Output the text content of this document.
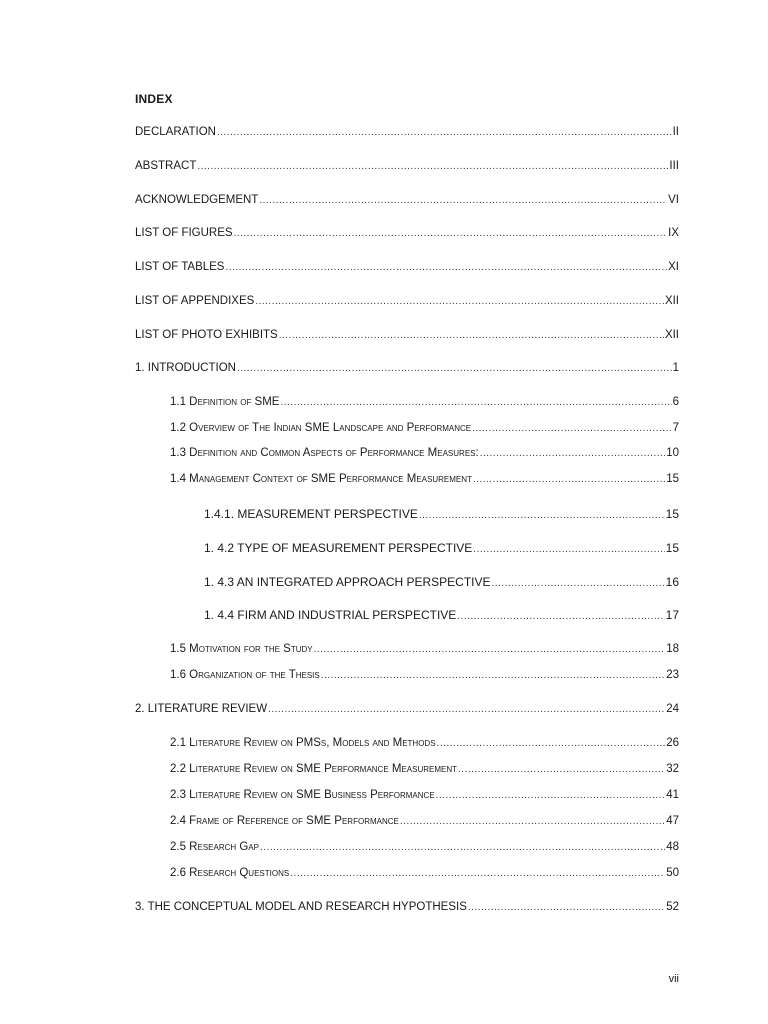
INDEX
DECLARATION .....	II
ABSTRACT .....	III
ACKNOWLEDGEMENT .....	VI
LIST OF FIGURES .....	IX
LIST OF TABLES .....	XI
LIST OF APPENDIXES .....	XII
LIST OF PHOTO EXHIBITS .....	XII
1. INTRODUCTION .....	1
1.1 Definition of SME .....	6
1.2 Overview of The Indian SME Landscape and Performance .....	7
1.3 Definition and Common Aspects of Performance Measures: .....	10
1.4 Management Context of SME Performance Measurement .....	15
1.4.1. MEASUREMENT PERSPECTIVE .....	15
1. 4.2 TYPE OF MEASUREMENT PERSPECTIVE .....	15
1. 4.3 AN INTEGRATED APPROACH PERSPECTIVE .....	16
1. 4.4 FIRM AND INDUSTRIAL PERSPECTIVE .....	17
1.5 Motivation for the Study .....	18
1.6 Organization of the Thesis .....	23
2. LITERATURE REVIEW .....	24
2.1 Literature Review on PMSs, Models and Methods .....	26
2.2 Literature Review on SME Performance Measurement .....	32
2.3 Literature Review on SME Business Performance .....	41
2.4 Frame of Reference of SME Performance .....	47
2.5 Research Gap .....	48
2.6 Research Questions .....	50
3. THE CONCEPTUAL MODEL AND RESEARCH HYPOTHESIS .....	52
vii
